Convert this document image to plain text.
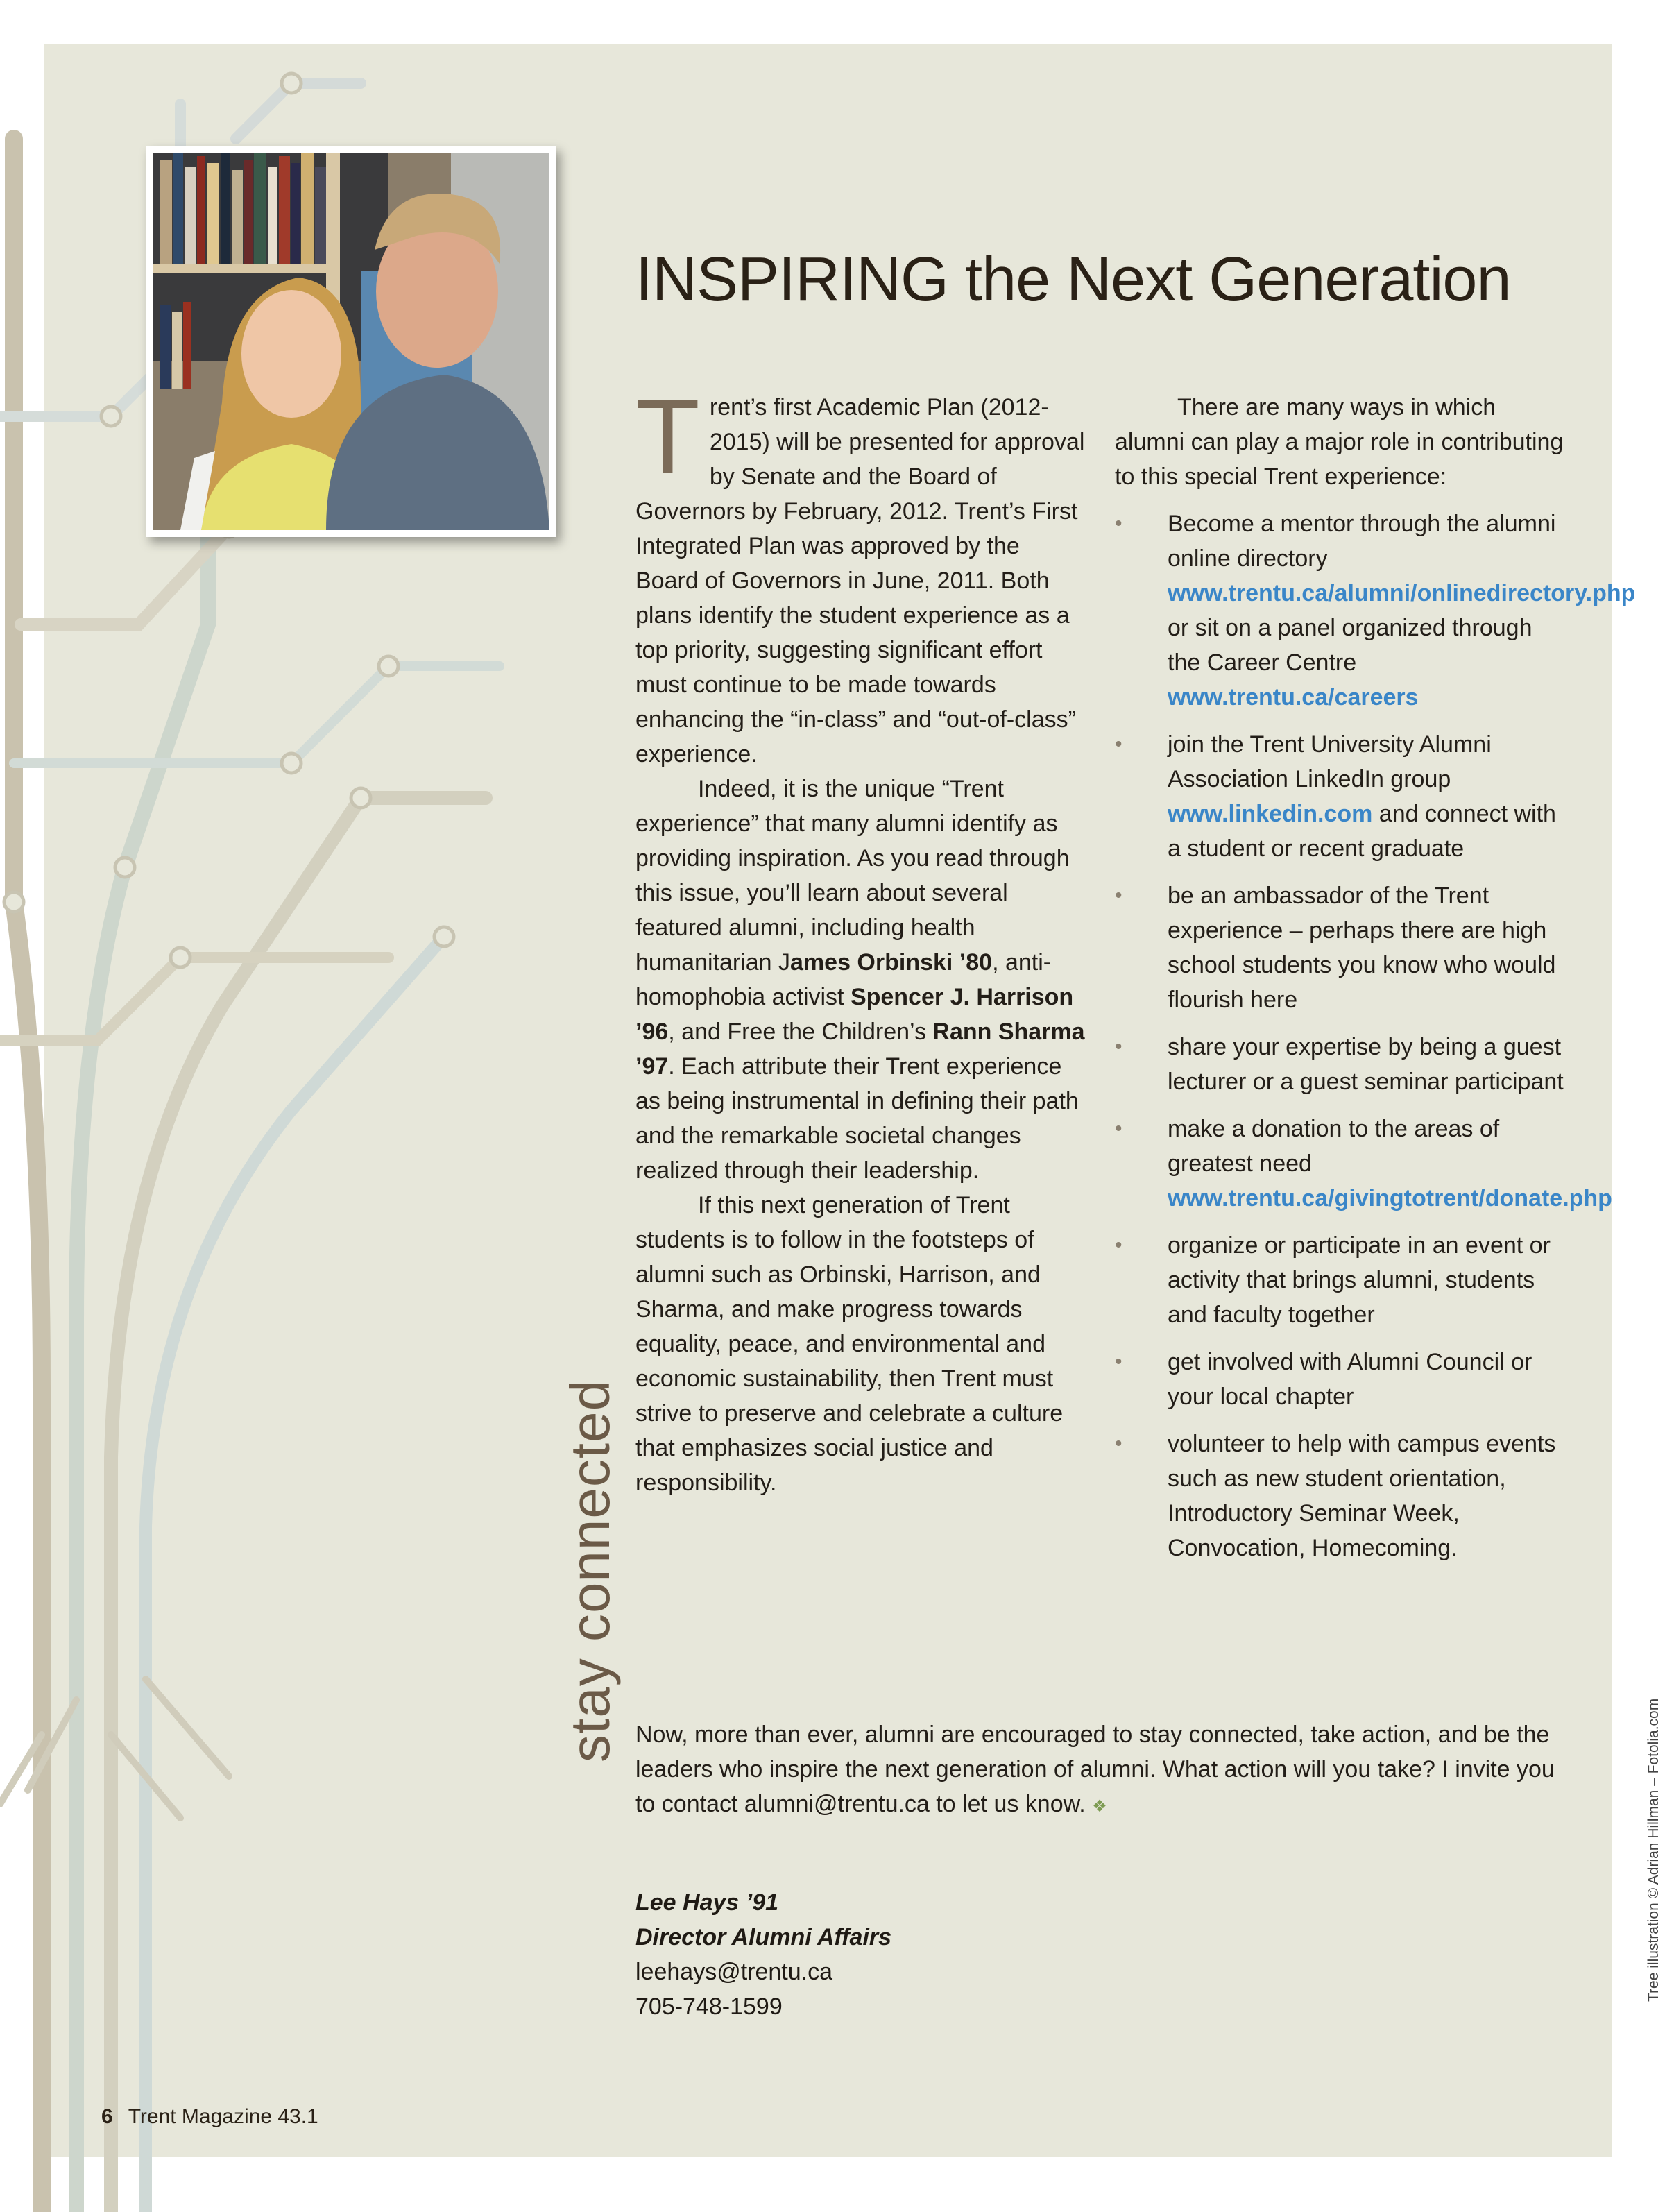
INSPIRING the Next Generation

Trent’s first Academic Plan (2012-2015) will be presented for approval by Senate and the Board of Governors by February, 2012. Trent’s First Integrated Plan was approved by the Board of Governors in June, 2011. Both plans identify the student experience as a top priority, suggesting significant effort must continue to be made towards enhancing the “in-class” and “out-of-class” experience.

Indeed, it is the unique “Trent experience” that many alumni identify as providing inspiration. As you read through this issue, you’ll learn about several featured alumni, including health humanitarian James Orbinski ’80, anti-homophobia activist Spencer J. Harrison ’96, and Free the Children’s Rann Sharma ’97. Each attribute their Trent experience as being instrumental in defining their path and the remarkable societal changes realized through their leadership.

If this next generation of Trent students is to follow in the footsteps of alumni such as Orbinski, Harrison, and Sharma, and make progress towards equality, peace, and environmental and economic sustainability, then Trent must strive to preserve and celebrate a culture that emphasizes social justice and responsibility.

There are many ways in which alumni can play a major role in contributing to this special Trent experience:

• Become a mentor through the alumni online directory www.trentu.ca/alumni/onlinedirectory.php or sit on a panel organized through the Career Centre www.trentu.ca/careers
• join the Trent University Alumni Association LinkedIn group www.linkedin.com and connect with a student or recent graduate
• be an ambassador of the Trent experience – perhaps there are high school students you know who would flourish here
• share your expertise by being a guest lecturer or a guest seminar participant
• make a donation to the areas of greatest need www.trentu.ca/givingtotrent/donate.php
• organize or participate in an event or activity that brings alumni, students and faculty together
• get involved with Alumni Council or your local chapter
• volunteer to help with campus events such as new student orientation, Introductory Seminar Week, Convocation, Homecoming.

Now, more than ever, alumni are encouraged to stay connected, take action, and be the leaders who inspire the next generation of alumni. What action will you take? I invite you to contact alumni@trentu.ca to let us know. ❖

Lee Hays ’91
Director Alumni Affairs
leehays@trentu.ca
705-748-1599
stay connected
Tree illustration © Adrian Hillman – Fotolia.com
6 Trent Magazine 43.1
